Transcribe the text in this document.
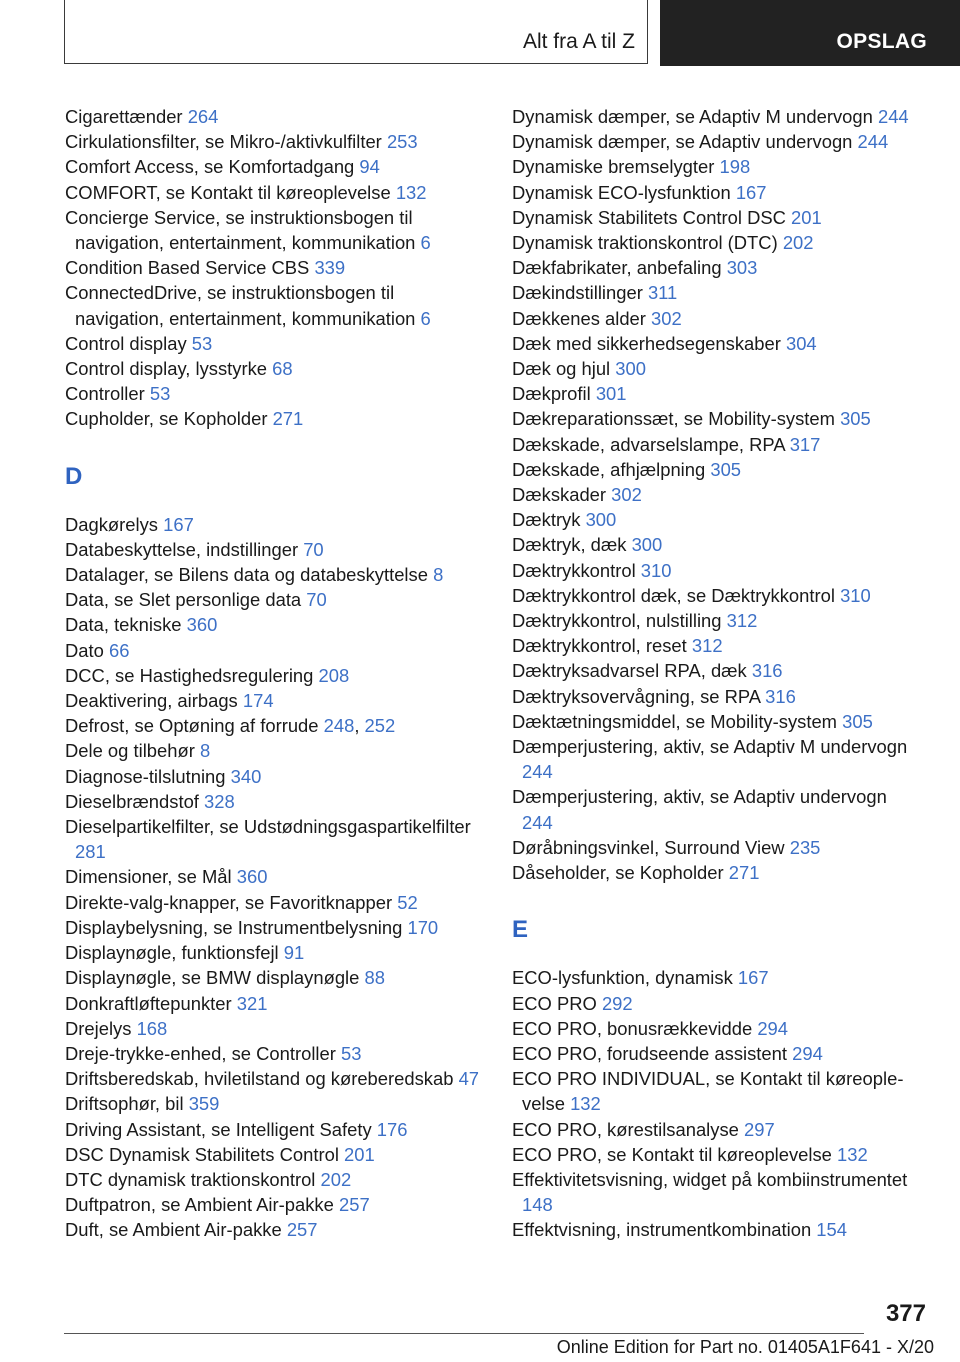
Alt fra A til Z	OPSLAG

Cigarettænder 264

Cirkulationsfilter, se Mikro-/aktivkulfilter 253

Comfort Access, se Komfortadgang 94

COMFORT, se Kontakt til køreoplevelse 132

Concierge Service, se instruktionsbogen til navigation, entertainment, kommunikation 6

Condition Based Service CBS 339

ConnectedDrive, se instruktionsbogen til navigation, entertainment, kommunikation 6

Control display 53

Control display, lysstyrke 68

Controller 53

Cupholder, se Kopholder 271

D

Dagkørelys 167

Databeskyttelse, indstillinger 70

Datalager, se Bilens data og databeskyttelse 8

Data, se Slet personlige data 70

Data, tekniske 360

Dato 66

DCC, se Hastighedsregulering 208

Deaktivering, airbags 174

Defrost, se Optøning af forrude 248, 252

Dele og tilbehør 8

Diagnose-tilslutning 340

Dieselbrændstof 328

Dieselpartikelfilter, se Udstødningsgaspartikelfilter 281

Dimensioner, se Mål 360

Direkte-valg-knapper, se Favoritknapper 52

Displaybelysning, se Instrumentbelysning 170

Displaynøgle, funktionsfejl 91

Displaynøgle, se BMW displaynøgle 88

Donkraftløftepunkter 321

Drejelys 168

Dreje-trykke-enhed, se Controller 53

Driftsberedskab, hviletilstand og køreberedskab 47

Driftsophør, bil 359

Driving Assistant, se Intelligent Safety 176

DSC Dynamisk Stabilitets Control 201

DTC dynamisk traktionskontrol 202

Duftpatron, se Ambient Air-pakke 257

Duft, se Ambient Air-pakke 257

Dynamisk dæmper, se Adaptiv M undervogn 244

Dynamisk dæmper, se Adaptiv undervogn 244

Dynamiske bremselygter 198

Dynamisk ECO-lysfunktion 167

Dynamisk Stabilitets Control DSC 201

Dynamisk traktionskontrol (DTC) 202

Dækfabrikater, anbefaling 303

Dækindstillinger 311

Dækkenes alder 302

Dæk med sikkerhedsegenskaber 304

Dæk og hjul 300

Dækprofil 301

Dækreparationssæt, se Mobility-system 305

Dækskade, advarselslampe, RPA 317

Dækskade, afhjælpning 305

Dækskader 302

Dæktryk 300

Dæktryk, dæk 300

Dæktrykkontrol 310

Dæktrykkontrol dæk, se Dæktrykkontrol 310

Dæktrykkontrol, nulstilling 312

Dæktrykkontrol, reset 312

Dæktryksadvarsel RPA, dæk 316

Dæktryksovervågning, se RPA 316

Dæktætningsmiddel, se Mobility-system 305

Dæmperjustering, aktiv, se Adaptiv M undervogn 244

Dæmperjustering, aktiv, se Adaptiv undervogn 244

Døråbningsvinkel, Surround View 235

Dåseholder, se Kopholder 271

E

ECO-lysfunktion, dynamisk 167

ECO PRO 292

ECO PRO, bonusrækkevidde 294

ECO PRO, forudseende assistent 294

ECO PRO INDIVIDUAL, se Kontakt til køreoplevelse 132

ECO PRO, kørestilsanalyse 297

ECO PRO, se Kontakt til køreoplevelse 132

Effektivitetsvisning, widget på kombiinstrumentet 148

Effektvisning, instrumentkombination 154

377
Online Edition for Part no. 01405A1F641 - X/20
